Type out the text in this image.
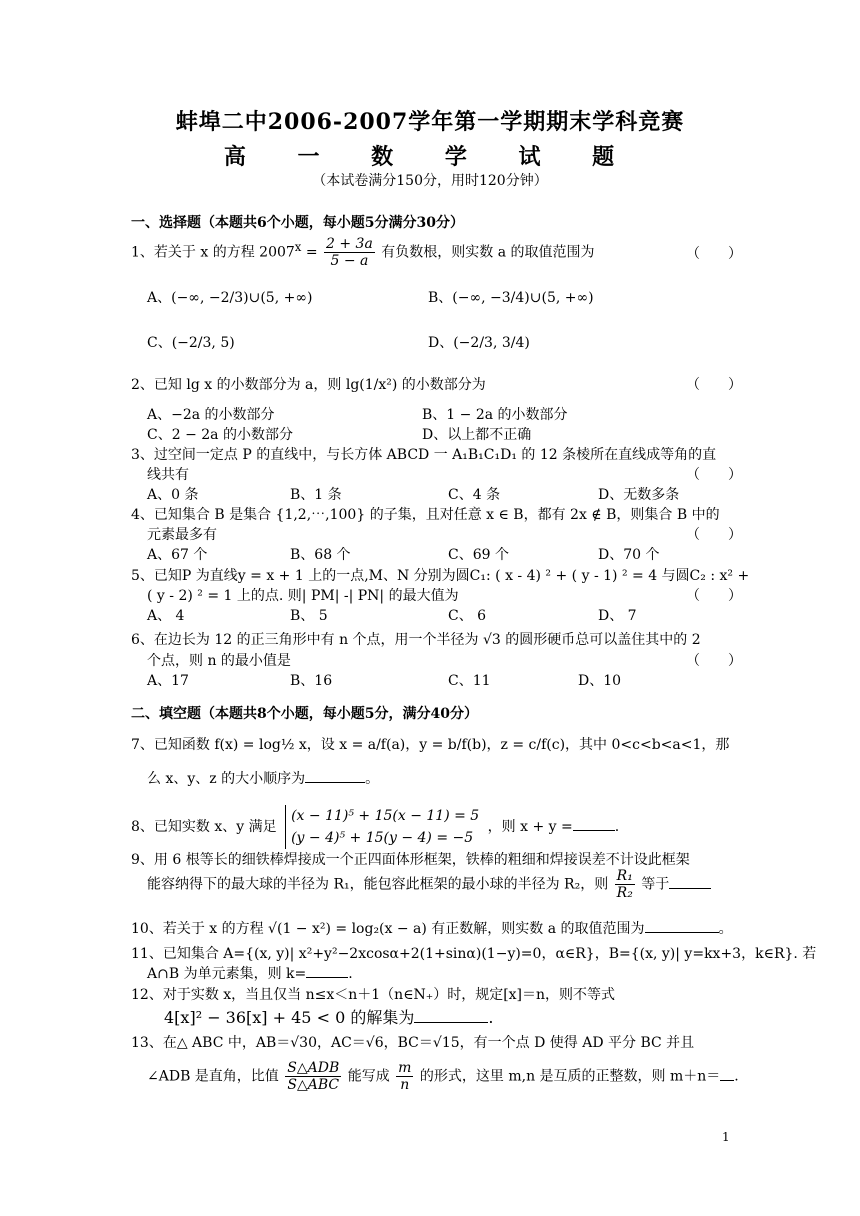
蚌埠二中2006-2007学年第一学期期末学科竞赛
高 一 数 学 试 题
（本试卷满分150分，用时120分钟）
一、选择题（本题共6个小题，每小题5分满分30分）
1、若关于 x 的方程 $2007^x = \frac{2 + 3a}{5 - a}$ 有负数根，则实数 a 的取值范围为	（　　）
A、(−∞, −2/3)∪(5, +∞)	B、(−∞, −3/4)∪(5, +∞)
C、(−2/3, 5)	D、(−2/3, 3/4)
2、已知 lg x 的小数部分为 a，则 lg(1/x²) 的小数部分为	（　　）
A、−2a 的小数部分	B、1 − 2a 的小数部分
C、2 − 2a 的小数部分	D、以上都不正确
3、过空间一定点 P 的直线中，与长方体 ABCD 一 A₁B₁C₁D₁ 的 12 条棱所在直线成等角的直
线共有	（　　）
A、0 条	B、1 条	C、4 条	D、无数多条
4、已知集合 B 是集合 {1,2,⋯,100} 的子集，且对任意 x ∈ B，都有 2x ∉ B，则集合 B 中的
元素最多有	（　　）
A、67 个	B、68 个	C、69 个	D、70 个
5、已知P 为直线y = x + 1 上的一点,M、N 分别为圆C₁: ( x - 4) ² + ( y - 1) ² = 4 与圆C₂ : x² +
( y - 2) ² = 1 上的点. 则| PM| -| PN| 的最大值为	（　　）
A、 4	B、 5	C、 6	D、 7
6、在边长为 12 的正三角形中有 n 个点，用一个半径为 √3 的圆形硬币总可以盖住其中的 2
个点，则 n 的最小值是	（　　）
A、17	B、16	C、11	D、10
二、填空题（本题共8个小题，每小题5分，满分40分）
7、已知函数 f(x) = log½ x，设 x = a/f(a)，y = b/f(b)，z = c/f(c)，其中 0<c<b<a<1，那
么 x、y、z 的大小顺序为	。
8、已知实数 x、y 满足
(x − 11)⁵ + 15(x − 11) = 5
(y − 4)⁵ + 15(y − 4) = −5
，则 x + y =	.
9、用 6 根等长的细铁棒焊接成一个正四面体形框架，铁棒的粗细和焊接误差不计设此框架
能容纳得下的最大球的半径为 R₁，能包容此框架的最小球的半径为 R₂，则 $\frac{\text{R₁}}{\text{R₂}}$ 等于
10、若关于 x 的方程 √(1 − x²) = log₂(x − a) 有正数解，则实数 a 的取值范围为	。
11、已知集合 A={(x, y)| x²+y²−2xcosα+2(1+sinα)(1−y)=0，α∈R}，B={(x, y)| y=kx+3，k∈R}. 若
A∩B 为单元素集，则 k=	.
12、对于实数 x，当且仅当 n≤x＜n＋1（n∈N₊）时，规定[x]＝n，则不等式
4[x]² − 36[x] + 45 < 0 的解集为	.
13、在△ ABC 中，AB＝√30，AC＝√6，BC＝√15，有一个点 D 使得 AD 平分 BC 并且
∠ADB 是直角，比值 $\frac{\text{S△ADB}}{\text{S△ABC}}$ 能写成 $\frac{m}{n}$ 的形式，这里 m,n 是互质的正整数，则 m＋n＝ .
1
